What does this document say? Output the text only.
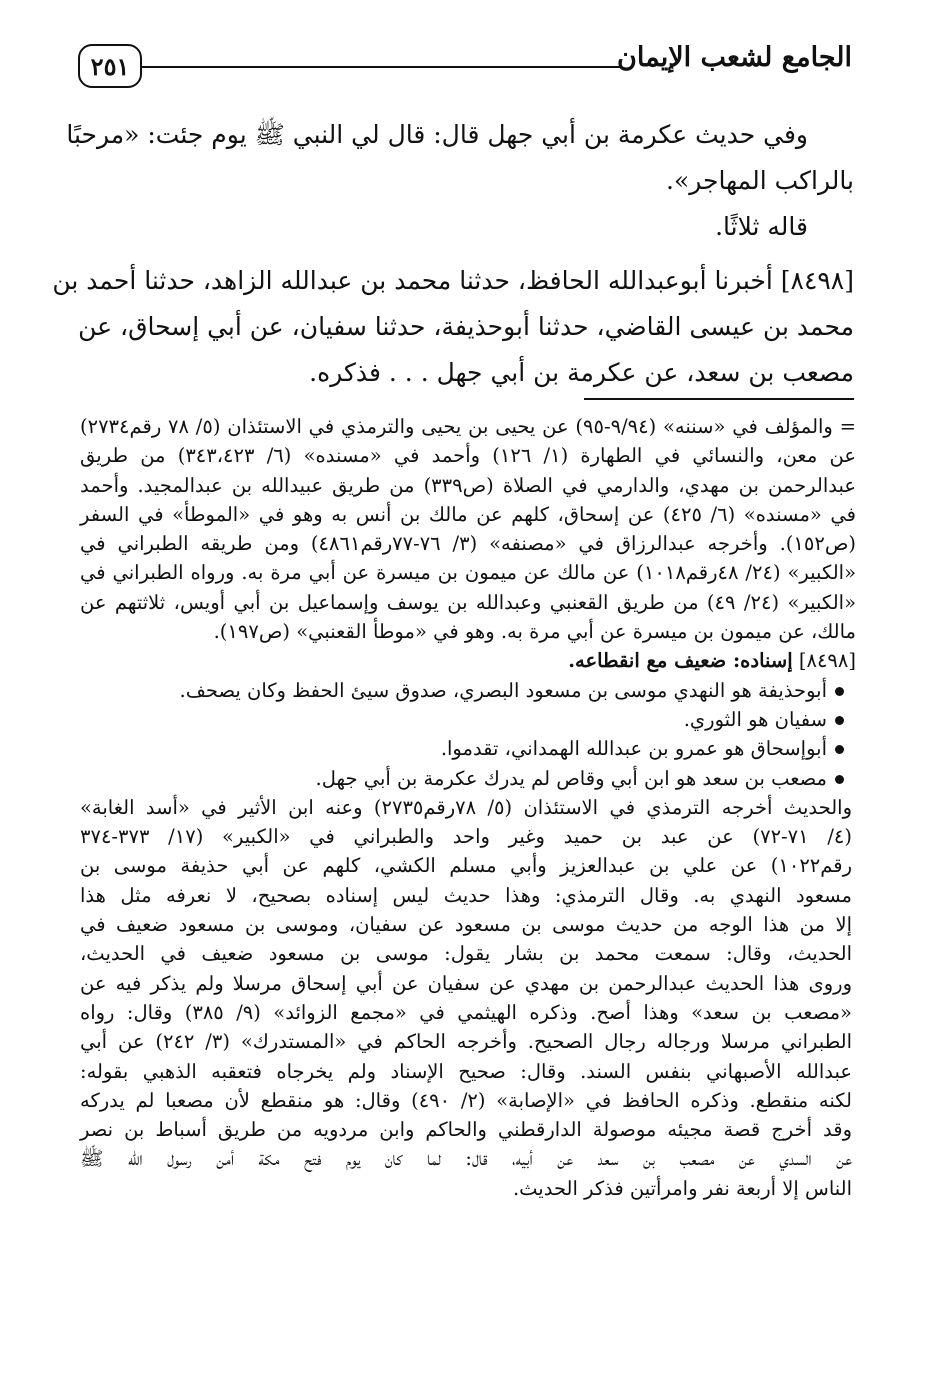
الجامع لشعب الإيمان
٢٥١

وفي حديث عكرمة بن أبي جهل قال: قال لي النبي ﷺ يوم جئت: «مرحبًا

بالراكب المهاجر».

قاله ثلاثًا.

[٨٤٩٨] أخبرنا أبوعبدالله الحافظ، حدثنا محمد بن عبدالله الزاهد، حدثنا أحمد بن

محمد بن عيسى القاضي، حدثنا أبوحذيفة، حدثنا سفيان، عن أبي إسحاق، عن

مصعب بن سعد، عن عكرمة بن أبي جهل . . . فذكره.

= والمؤلف في «سننه» (٩/٩٤-٩٥) عن يحيى بن يحيى والترمذي في الاستئذان (٥/ ٧٨ رقم٢٧٣٤)

عن معن، والنسائي في الطهارة (١/ ١٢٦) وأحمد في «مسنده» (٦/ ٣٤٣،٤٢٣) من طريق

عبدالرحمن بن مهدي، والدارمي في الصلاة (ص٣٣٩) من طريق عبيدالله بن عبدالمجيد. وأحمد

في «مسنده» (٦/ ٤٢٥) عن إسحاق، كلهم عن مالك بن أنس به وهو في «الموطأ» في السفر

(ص١٥٢). وأخرجه عبدالرزاق في «مصنفه» (٣/ ٧٦-٧٧رقم٤٨٦١) ومن طريقه الطبراني في

«الكبير» (٢٤/ ٤٨رقم١٠١٨) عن مالك عن ميمون بن ميسرة عن أبي مرة به. ورواه الطبراني في

«الكبير» (٢٤/ ٤٩) من طريق القعنبي وعبدالله بن يوسف وإسماعيل بن أبي أويس، ثلاثتهم عن

مالك، عن ميمون بن ميسرة عن أبي مرة به. وهو في «موطأ القعنبي» (ص١٩٧).

[٨٤٩٨] إسناده: ضعيف مع انقطاعه.

أبوحذيفة هو النهدي موسى بن مسعود البصري، صدوق سيئ الحفظ وكان يصحف.
سفيان هو الثوري.
أبوإسحاق هو عمرو بن عبدالله الهمداني، تقدموا.
مصعب بن سعد هو ابن أبي وقاص لم يدرك عكرمة بن أبي جهل.

والحديث أخرجه الترمذي في الاستئذان (٥/ ٧٨رقم٢٧٣٥) وعنه ابن الأثير في «أسد الغابة»

(٤/ ٧١-٧٢) عن عبد بن حميد وغير واحد والطبراني في «الكبير» (١٧/ ٣٧٣-٣٧٤

رقم١٠٢٢) عن علي بن عبدالعزيز وأبي مسلم الكشي، كلهم عن أبي حذيفة موسى بن

مسعود النهدي به. وقال الترمذي: وهذا حديث ليس إسناده بصحيح، لا نعرفه مثل هذا

إلا من هذا الوجه من حديث موسى بن مسعود عن سفيان، وموسى بن مسعود ضعيف في

الحديث، وقال: سمعت محمد بن بشار يقول: موسى بن مسعود ضعيف في الحديث،

وروى هذا الحديث عبدالرحمن بن مهدي عن سفيان عن أبي إسحاق مرسلا ولم يذكر فيه عن

«مصعب بن سعد» وهذا أصح. وذكره الهيثمي في «مجمع الزوائد» (٩/ ٣٨٥) وقال: رواه

الطبراني مرسلا ورجاله رجال الصحيح. وأخرجه الحاكم في «المستدرك» (٣/ ٢٤٢) عن أبي

عبدالله الأصبهاني بنفس السند. وقال: صحيح الإسناد ولم يخرجاه فتعقبه الذهبي بقوله:

لكنه منقطع. وذكره الحافظ في «الإصابة» (٢/ ٤٩٠) وقال: هو منقطع لأن مصعبا لم يدركه

وقد أخرج قصة مجيئه موصولة الدارقطني والحاكم وابن مردويه من طريق أسباط بن نصر

عن السدي عن مصعب بن سعد عن أبيه، قال: لما كان يوم فتح مكة أمن رسول الله ﷺ

الناس إلا أربعة نفر وامرأتين فذكر الحديث.
